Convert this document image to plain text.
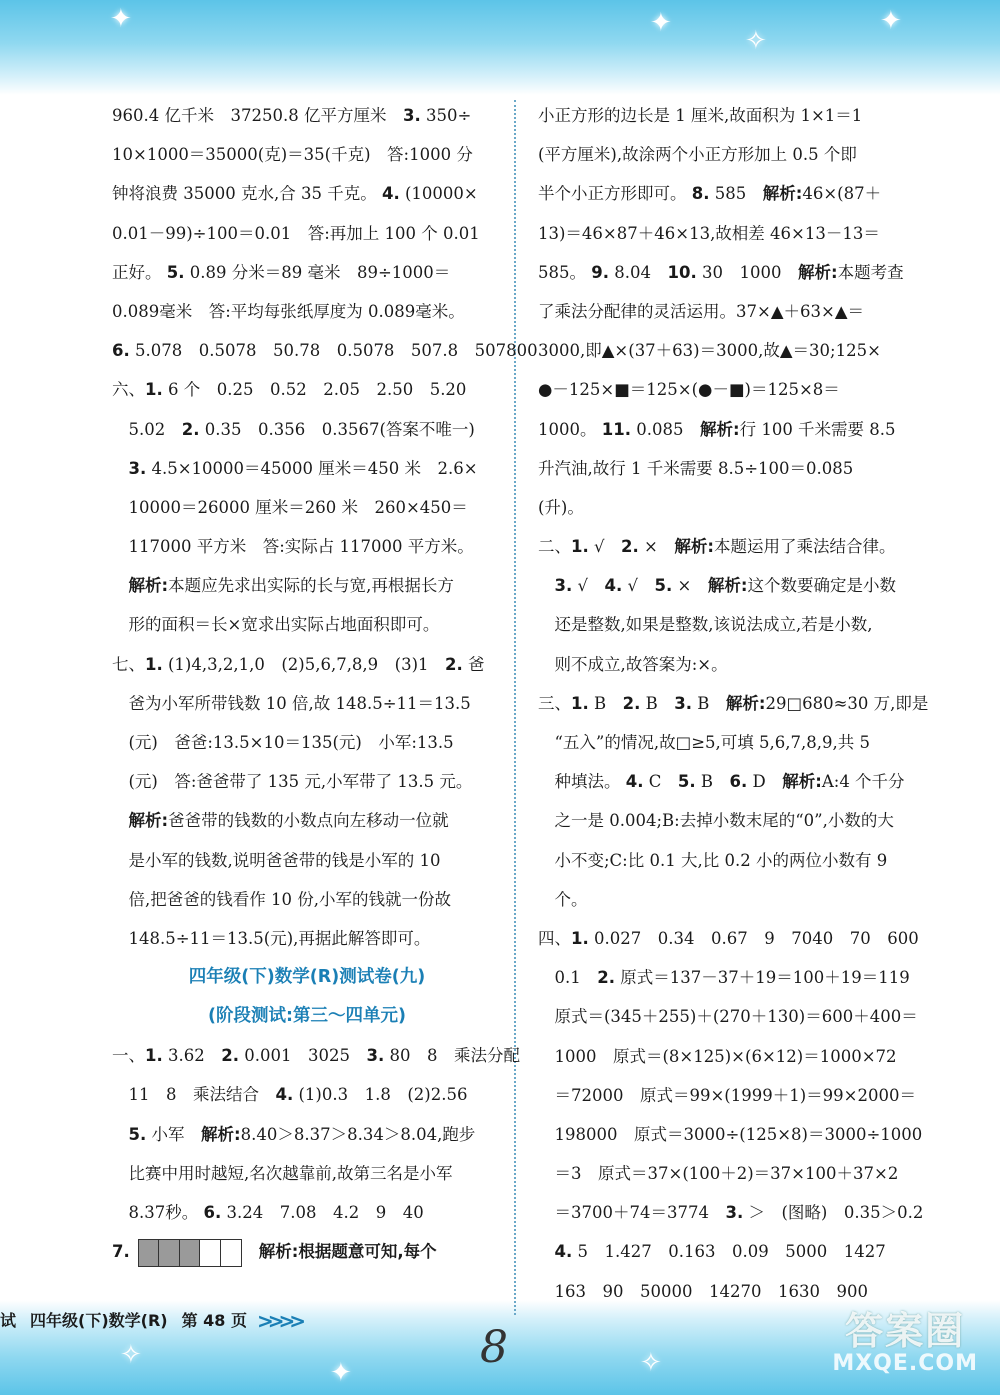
✦	✦
✧
✦
✧
✦	✧
960.4 亿千米　37250.8 亿平方厘米　3. 350÷
10×1000＝35000(克)＝35(千克)　答:1000 分
钟将浪费 35000 克水,合 35 千克。 4. (10000×
0.01－99)÷100＝0.01　答:再加上 100 个 0.01
正好。 5. 0.89 分米＝89 毫米　89÷1000＝
0.089毫米　答:平均每张纸厚度为 0.089毫米。
6. 5.078　0.5078　50.78　0.5078　507.8　507800
六、1. 6 个　0.25　0.52　2.05　2.50　5.20
　5.02　2. 0.35　0.356　0.3567(答案不唯一)
　3. 4.5×10000＝45000 厘米＝450 米　2.6×
　10000＝26000 厘米＝260 米　260×450＝
　117000 平方米　答:实际占 117000 平方米。
　解析:本题应先求出实际的长与宽,再根据长方
　形的面积＝长×宽求出实际占地面积即可。
七、1. (1)4,3,2,1,0　(2)5,6,7,8,9　(3)1　2. 爸
　爸为小军所带钱数 10 倍,故 148.5÷11＝13.5
　(元)　爸爸:13.5×10＝135(元)　小军:13.5
　(元)　答:爸爸带了 135 元,小军带了 13.5 元。
　解析:爸爸带的钱数的小数点向左移动一位就
　是小军的钱数,说明爸爸带的钱是小军的 10
　倍,把爸爸的钱看作 10 份,小军的钱就一份故
　148.5÷11＝13.5(元),再据此解答即可。
四年级(下)数学(R)测试卷(九)
(阶段测试:第三～四单元)
一、1. 3.62　2. 0.001　3025　3. 80　8　乘法分配
　11　8　乘法结合　4. (1)0.3　1.8　(2)2.56
　5. 小军　解析:8.40＞8.37＞8.34＞8.04,跑步
　比赛中用时越短,名次越靠前,故第三名是小军
　8.37秒。 6. 3.24　7.08　4.2　9　40
7.	解析:根据题意可知,每个
小正方形的边长是 1 厘米,故面积为 1×1＝1
(平方厘米),故涂两个小正方形加上 0.5 个即
半个小正方形即可。 8. 585　解析:46×(87＋
13)＝46×87＋46×13,故相差 46×13－13＝
585。 9. 8.04　10. 30　1000　解析:本题考查
了乘法分配律的灵活运用。37×▲＋63×▲＝
3000,即▲×(37＋63)＝3000,故▲＝30;125×
●－125×■＝125×(●－■)＝125×8＝
1000。 11. 0.085　解析:行 100 千米需要 8.5
升汽油,故行 1 千米需要 8.5÷100＝0.085
(升)。
二、1. √　2. ×　解析:本题运用了乘法结合律。
　3. √　4. √　5. ×　解析:这个数要确定是小数
　还是整数,如果是整数,该说法成立,若是小数,
　则不成立,故答案为:×。
三、1. B　2. B　3. B　解析:29□680≈30 万,即是
　“五入”的情况,故□≥5,可填 5,6,7,8,9,共 5
　种填法。 4. C　5. B　6. D　解析:A:4 个千分
　之一是 0.004;B:去掉小数末尾的“0”,小数的大
　小不变;C:比 0.1 大,比 0.2 小的两位小数有 9
　个。
四、1. 0.027　0.34　0.67　9　7040　70　600
　0.1　2. 原式＝137－37＋19＝100＋19＝119
　原式＝(345＋255)＋(270＋130)＝600＋400＝
　1000　原式＝(8×125)×(6×12)＝1000×72
　＝72000　原式＝99×(1999＋1)＝99×2000＝
　198000　原式＝3000÷(125×8)＝3000÷1000
　＝3　原式＝37×(100＋2)＝37×100＋37×2
　＝3700＋74＝3774　3. ＞　(图略)　0.35＞0.2
　4. 5　1.427　0.163　0.09　5000　1427
　163　90　50000　14270　1630　900
试 四年级(下)数学(R) 第 48 页 >>>>
8	答案圈
MXQE.COM
